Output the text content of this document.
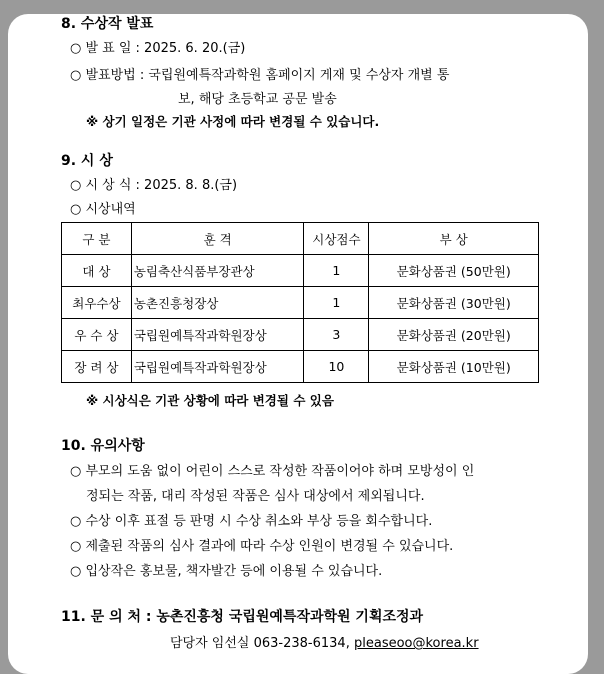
8. 수상작 발표
○ 발 표 일 : 2025. 6. 20.(금)
○ 발표방법 : 국립원예특작과학원 홈페이지 게재 및 수상자 개별 통
보, 해당 초등학교 공문 발송
※ 상기 일정은 기관 사정에 따라 변경될 수 있습니다.
9. 시 상
○ 시 상 식 : 2025. 8. 8.(금)
○ 시상내역
구 분	훈 격	시상점수	부 상
대 상	농림축산식품부장관상	1	문화상품권 (50만원)
최우수상	농촌진흥청장상	1	문화상품권 (30만원)
우 수 상	국립원예특작과학원장상	3	문화상품권 (20만원)
장 려 상	국립원예특작과학원장상	10	문화상품권 (10만원)
※ 시상식은 기관 상황에 따라 변경될 수 있음
10. 유의사항
○ 부모의 도움 없이 어린이 스스로 작성한 작품이어야 하며 모방성이 인
정되는 작품, 대리 작성된 작품은 심사 대상에서 제외됩니다.
○ 수상 이후 표절 등 판명 시 수상 취소와 부상 등을 회수합니다.
○ 제출된 작품의 심사 결과에 따라 수상 인원이 변경될 수 있습니다.
○ 입상작은 홍보물, 책자발간 등에 이용될 수 있습니다.
11. 문 의 처 : 농촌진흥청 국립원예특작과학원 기획조정과
담당자 임선실 063-238-6134, pleaseoo@korea.kr
